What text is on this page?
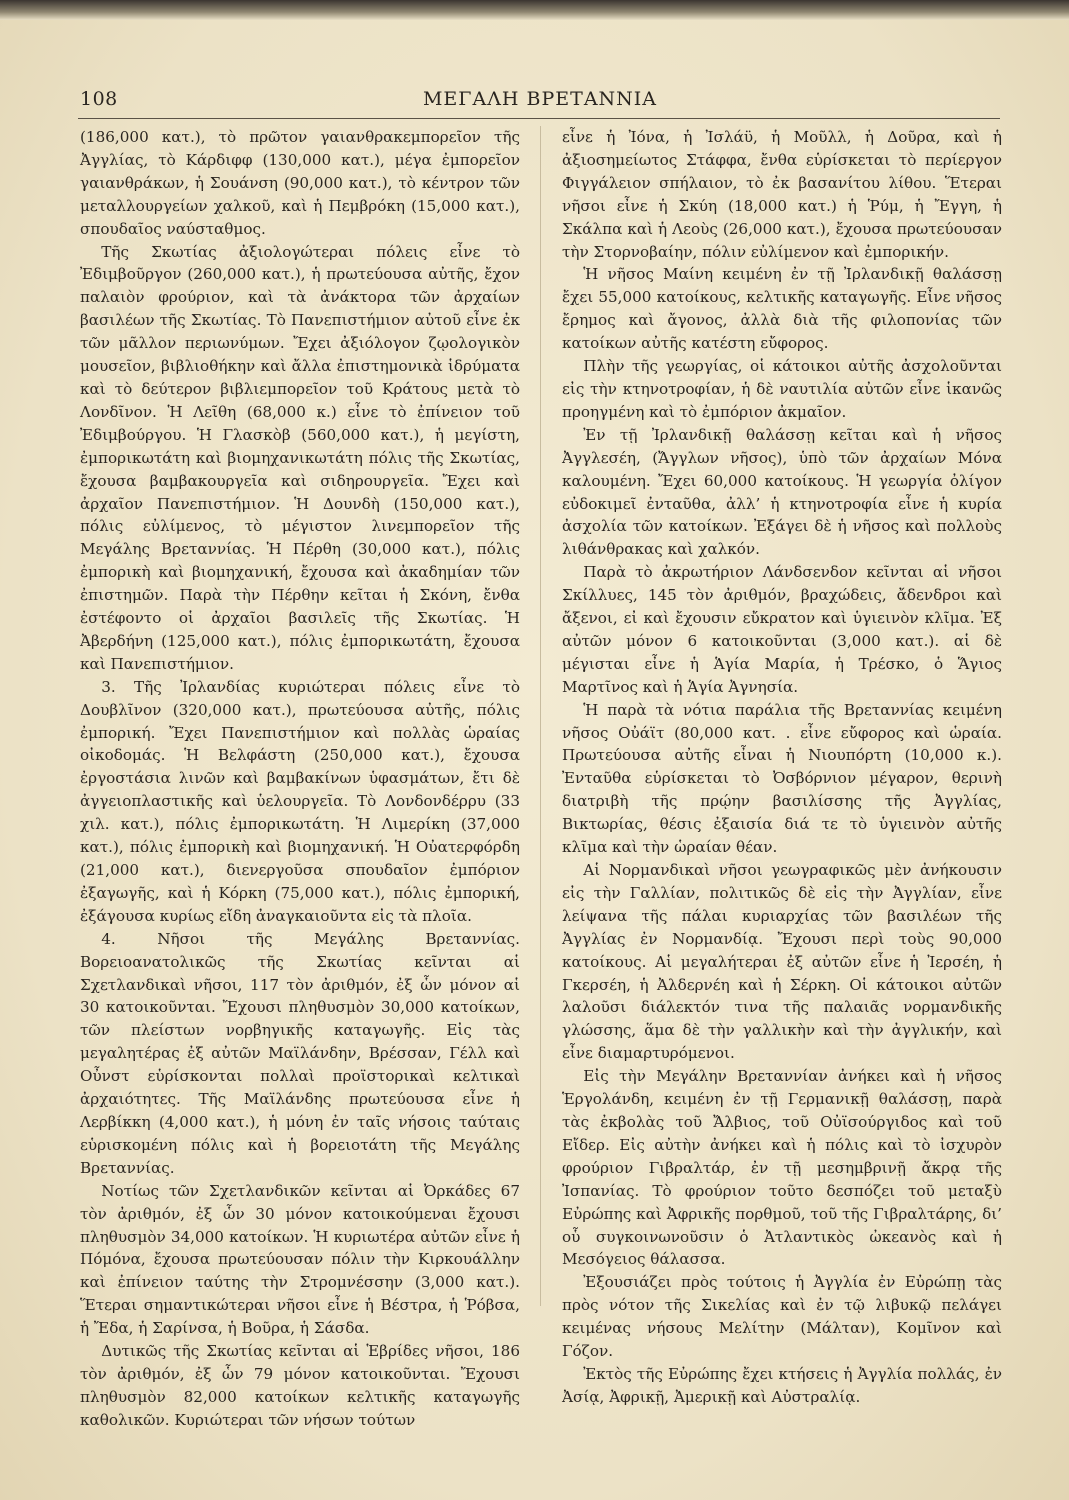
108	ΜΕΓΑΛΗ ΒΡΕΤΑΝΝΙΑ

(186,000 κατ.), τὸ πρῶτον γαιανθρακεμπορεῖον τῆς Ἀγγλίας, τὸ Κάρδιφφ (130,000 κατ.), μέγα ἐμπορεῖον γαιανθράκων, ἡ Σουάνση (90,000 κατ.), τὸ κέντρον τῶν μεταλλουργείων χαλκοῦ, καὶ ἡ Πεμβρόκη (15,000 κατ.), σπουδαῖος ναύσταθμος.

Τῆς Σκωτίας ἀξιολογώτεραι πόλεις εἶνε τὸ Ἐδιμβοῦργον (260,000 κατ.), ἡ πρωτεύουσα αὐτῆς, ἔχον παλαιὸν φρούριον, καὶ τὰ ἀνάκτορα τῶν ἀρχαίων βασιλέων τῆς Σκωτίας. Τὸ Πανεπιστήμιον αὐτοῦ εἶνε ἐκ τῶν μᾶλλον περιωνύμων. Ἔχει ἀξιόλογον ζῳολογικὸν μουσεῖον, βιβλιοθήκην καὶ ἄλλα ἐπιστημονικὰ ἱδρύματα καὶ τὸ δεύτερον βιβλιεμπορεῖον τοῦ Κράτους μετὰ τὸ Λονδῖνον. Ἡ Λεῖθη (68,000 κ.) εἶνε τὸ ἐπίνειον τοῦ Ἐδιμβούργου. Ἡ Γλασκὸβ (560,000 κατ.), ἡ μεγίστη, ἐμπορικωτάτη καὶ βιομηχανικωτάτη πόλις τῆς Σκωτίας, ἔχουσα βαμβακουργεῖα καὶ σιδηρουργεῖα. Ἔχει καὶ ἀρχαῖον Πανεπιστήμιον. Ἡ Δουνδὴ (150,000 κατ.), πόλις εὐλίμενος, τὸ μέγιστον λινεμπορεῖον τῆς Μεγάλης Βρεταννίας. Ἡ Πέρθη (30,000 κατ.), πόλις ἐμπορικὴ καὶ βιομηχανική, ἔχουσα καὶ ἀκαδημίαν τῶν ἐπιστημῶν. Παρὰ τὴν Πέρθην κεῖται ἡ Σκόνη, ἔνθα ἐστέφοντο οἱ ἀρχαῖοι βασιλεῖς τῆς Σκωτίας. Ἡ Ἀβερδήνη (125,000 κατ.), πόλις ἐμπορικωτάτη, ἔχουσα καὶ Πανεπιστήμιον.

3. Τῆς Ἰρλανδίας κυριώτεραι πόλεις εἶνε τὸ Δουβλῖνον (320,000 κατ.), πρωτεύουσα αὐτῆς, πόλις ἐμπορική. Ἔχει Πανεπιστήμιον καὶ πολλὰς ὡραίας οἰκοδομάς. Ἡ Βελφάστη (250,000 κατ.), ἔχουσα ἐργοστάσια λινῶν καὶ βαμβακίνων ὑφασμάτων, ἔτι δὲ ἀγγειοπλαστικῆς καὶ ὑελουργεῖα. Τὸ Λονδονδέρρυ (33 χιλ. κατ.), πόλις ἐμπορικωτάτη. Ἡ Λιμερίκη (37,000 κατ.), πόλις ἐμπορικὴ καὶ βιομηχανική. Ἡ Οὐατερφόρδη (21,000 κατ.), διενεργοῦσα σπουδαῖον ἐμπόριον ἐξαγωγῆς, καὶ ἡ Κόρκη (75,000 κατ.), πόλις ἐμπορική, ἐξάγουσα κυρίως εἴδη ἀναγκαιοῦντα εἰς τὰ πλοῖα.

4. Νῆσοι τῆς Μεγάλης Βρεταννίας. Βορειοανατολικῶς τῆς Σκωτίας κεῖνται αἱ Σχετλανδικαὶ νῆσοι, 117 τὸν ἀριθμόν, ἐξ ὧν μόνον αἱ 30 κατοικοῦνται. Ἔχουσι πληθυσμὸν 30,000 κατοίκων, τῶν πλείστων νορβηγικῆς καταγωγῆς. Εἰς τὰς μεγαλητέρας ἐξ αὐτῶν Μαϊλάνδην, Βρέσσαν, Γέλλ καὶ Οὖνστ εὑρίσκονται πολλαὶ προϊστορικαὶ κελτικαὶ ἀρχαιότητες. Τῆς Μαϊλάνδης πρωτεύουσα εἶνε ἡ Λερβίκκη (4,000 κατ.), ἡ μόνη ἐν ταῖς νήσοις ταύταις εὑρισκομένη πόλις καὶ ἡ βορειοτάτη τῆς Μεγάλης Βρεταννίας.

Νοτίως τῶν Σχετλανδικῶν κεῖνται αἱ Ὀρκάδες 67 τὸν ἀριθμόν, ἐξ ὧν 30 μόνον κατοικούμεναι ἔχουσι πληθυσμὸν 34,000 κατοίκων. Ἡ κυριωτέρα αὐτῶν εἶνε ἡ Πόμόνα, ἔχουσα πρωτεύουσαν πόλιν τὴν Κιρκουάλλην καὶ ἐπίνειον ταύτης τὴν Στρομνέσσην (3,000 κατ.). Ἕτεραι σημαντικώτεραι νῆσοι εἶνε ἡ Βέστρα, ἡ Ῥόβσα, ἡ Ἔδα, ἡ Σαρίνσα, ἡ Βοῦρα, ἡ Σάσδα.

Δυτικῶς τῆς Σκωτίας κεῖνται αἱ Ἑβρίδες νῆσοι, 186 τὸν ἀριθμόν, ἐξ ὧν 79 μόνον κατοικοῦνται. Ἔχουσι πληθυσμὸν 82,000 κατοίκων κελτικῆς καταγωγῆς καθολικῶν. Κυριώτεραι τῶν νήσων τούτων

εἶνε ἡ Ἰόνα, ἡ Ἰσλάϋ, ἡ Μοῦλλ, ἡ Δοῦρα, καὶ ἡ ἀξιοσημείωτος Στάφφα, ἔνθα εὑρίσκεται τὸ περίεργον Φιγγάλειον σπήλαιον, τὸ ἐκ βασανίτου λίθου. Ἕτεραι νῆσοι εἶνε ἡ Σκύη (18,000 κατ.) ἡ Ῥύμ, ἡ Ἔγγη, ἡ Σκάλπα καὶ ἡ Λεοὺς (26,000 κατ.), ἔχουσα πρωτεύουσαν τὴν Στορνοβαίην, πόλιν εὐλίμενον καὶ ἐμπορικήν.

Ἡ νῆσος Μαίνη κειμένη ἐν τῇ Ἰρλανδικῇ θαλάσσῃ ἔχει 55,000 κατοίκους, κελτικῆς καταγωγῆς. Εἶνε νῆσος ἔρημος καὶ ἄγονος, ἀλλὰ διὰ τῆς φιλοπονίας τῶν κατοίκων αὐτῆς κατέστη εὔφορος.

Πλὴν τῆς γεωργίας, οἱ κάτοικοι αὐτῆς ἀσχολοῦνται εἰς τὴν κτηνοτροφίαν, ἡ δὲ ναυτιλία αὐτῶν εἶνε ἱκανῶς προηγμένη καὶ τὸ ἐμπόριον ἀκμαῖον.

Ἐν τῇ Ἰρλανδικῇ θαλάσσῃ κεῖται καὶ ἡ νῆσος Ἀγγλεσέη, (Ἄγγλων νῆσος), ὑπὸ τῶν ἀρχαίων Μόνα καλουμένη. Ἔχει 60,000 κατοίκους. Ἡ γεωργία ὀλίγον εὐδοκιμεῖ ἐνταῦθα, ἀλλ’ ἡ κτηνοτροφία εἶνε ἡ κυρία ἀσχολία τῶν κατοίκων. Ἐξάγει δὲ ἡ νῆσος καὶ πολλοὺς λιθάνθρακας καὶ χαλκόν.

Παρὰ τὸ ἀκρωτήριον Λάνδσενδον κεῖνται αἱ νῆσοι Σκίλλυες, 145 τὸν ἀριθμόν, βραχώδεις, ἄδενδροι καὶ ἄξενοι, εἰ καὶ ἔχουσιν εὔκρατον καὶ ὑγιεινὸν κλῖμα. Ἐξ αὐτῶν μόνον 6 κατοικοῦνται (3,000 κατ.). αἱ δὲ μέγισται εἶνε ἡ Ἁγία Μαρία, ἡ Τρέσκο, ὁ Ἅγιος Μαρτῖνος καὶ ἡ Ἁγία Ἀγνησία.

Ἡ παρὰ τὰ νότια παράλια τῆς Βρεταννίας κειμένη νῆσος Οὐάϊτ (80,000 κατ. . εἶνε εὔφορος καὶ ὡραία. Πρωτεύουσα αὐτῆς εἶναι ἡ Νιουπόρτη (10,000 κ.). Ἐνταῦθα εὑρίσκεται τὸ Ὀσβόρνιον μέγαρον, θερινὴ διατριβὴ τῆς πρῴην βασιλίσσης τῆς Ἀγγλίας, Βικτωρίας, θέσις ἐξαισία διά τε τὸ ὑγιεινὸν αὐτῆς κλῖμα καὶ τὴν ὡραίαν θέαν.

Αἱ Νορμανδικαὶ νῆσοι γεωγραφικῶς μὲν ἀνήκουσιν εἰς τὴν Γαλλίαν, πολιτικῶς δὲ εἰς τὴν Ἀγγλίαν, εἶνε λείψανα τῆς πάλαι κυριαρχίας τῶν βασιλέων τῆς Ἀγγλίας ἐν Νορμανδίᾳ. Ἔχουσι περὶ τοὺς 90,000 κατοίκους. Αἱ μεγαλήτεραι ἐξ αὐτῶν εἶνε ἡ Ἰερσέη, ἡ Γκερσέη, ἡ Ἀλδερνέη καὶ ἡ Σέρκη. Οἱ κάτοικοι αὐτῶν λαλοῦσι διάλεκτόν τινα τῆς παλαιᾶς νορμανδικῆς γλώσσης, ἅμα δὲ τὴν γαλλικὴν καὶ τὴν ἀγγλικήν, καὶ εἶνε διαμαρτυρόμενοι.

Εἰς τὴν Μεγάλην Βρεταννίαν ἀνήκει καὶ ἡ νῆσος Ἑργολάνδη, κειμένη ἐν τῇ Γερμανικῇ θαλάσσῃ, παρὰ τὰς ἐκβολὰς τοῦ Ἄλβιος, τοῦ Οὐϊσούργιδος καὶ τοῦ Εἴδερ. Εἰς αὐτὴν ἀνήκει καὶ ἡ πόλις καὶ τὸ ἰσχυρὸν φρούριον Γιβραλτάρ, ἐν τῇ μεσημβρινῇ ἄκρᾳ τῆς Ἰσπανίας. Τὸ φρούριον τοῦτο δεσπόζει τοῦ μεταξὺ Εὐρώπης καὶ Ἀφρικῆς πορθμοῦ, τοῦ τῆς Γιβραλτάρης, δι’ οὗ συγκοινωνοῦσιν ὁ Ἀτλαντικὸς ὠκεανὸς καὶ ἡ Μεσόγειος θάλασσα.

Ἐξουσιάζει πρὸς τούτοις ἡ Ἀγγλία ἐν Εὐρώπῃ τὰς πρὸς νότον τῆς Σικελίας καὶ ἐν τῷ λιβυκῷ πελάγει κειμένας νήσους Μελίτην (Μάλταν), Κομῖνον καὶ Γόζον.

Ἐκτὸς τῆς Εὐρώπης ἔχει κτήσεις ἡ Ἀγγλία πολλάς, ἐν Ἀσίᾳ, Ἀφρικῇ, Ἀμερικῇ καὶ Αὐστραλίᾳ.
